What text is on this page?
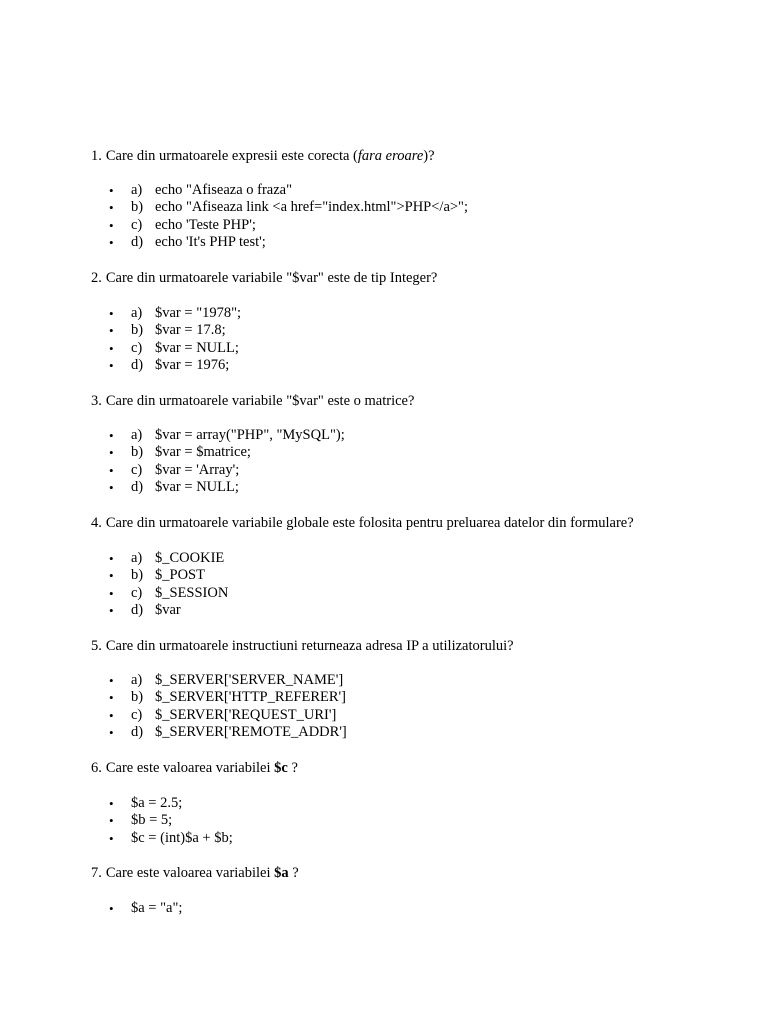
1. Care din urmatoarele expresii este corecta (fara eroare)?

• a) echo "Afiseaza o fraza"
• b) echo "Afiseaza link <a href="index.html">PHP</a>";
• c) echo 'Teste PHP';
• d) echo 'It's PHP test';

2. Care din urmatoarele variabile "$var" este de tip Integer?

• a) $var = "1978";
• b) $var = 17.8;
• c) $var = NULL;
• d) $var = 1976;

3. Care din urmatoarele variabile "$var" este o matrice?

• a) $var = array("PHP", "MySQL");
• b) $var = $matrice;
• c) $var = 'Array';
• d) $var = NULL;

4. Care din urmatoarele variabile globale este folosita pentru preluarea datelor din formulare?

• a) $_COOKIE
• b) $_POST
• c) $_SESSION
• d) $var

5. Care din urmatoarele instructiuni returneaza adresa IP a utilizatorului?

• a) $_SERVER['SERVER_NAME']
• b) $_SERVER['HTTP_REFERER']
• c) $_SERVER['REQUEST_URI']
• d) $_SERVER['REMOTE_ADDR']

6. Care este valoarea variabilei $c ?

• $a = 2.5;
• $b = 5;
• $c = (int)$a + $b;

7. Care este valoarea variabilei $a ?

• $a = "a";
